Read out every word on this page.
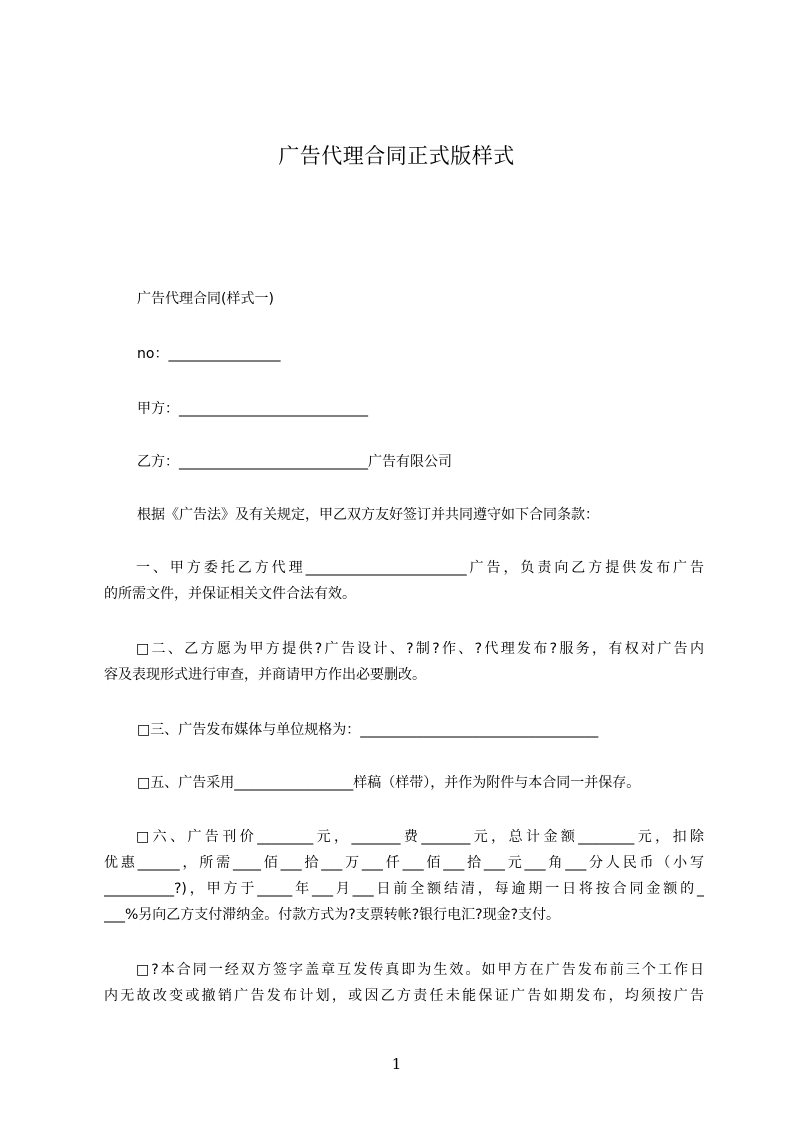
广告代理合同正式版样式

广告代理合同(样式一)

no：________________

甲方：___________________________

乙方：___________________________广告有限公司

根据《广告法》及有关规定，甲乙双方友好签订并共同遵守如下合同条款：

一、甲方委托乙方代理_______________________广告，负责向乙方提供发布广告
的所需文件，并保证相关文件合法有效。
□二、乙方愿为甲方提供?广告设计、?制?作、?代理发布?服务，有权对广告内
容及表现形式进行审查，并商请甲方作出必要删改。

□三、广告发布媒体与单位规格为：__________________________________

□五、广告采用_________________样稿（样带），并作为附件与本合同一并保存。

□六、广告刊价________元，_______费_______元，总计金额________元，扣除
优惠______，所需____佰___拾___万___仟___佰___拾___元___角___分人民币（小写
__________?)，甲方于_____年___月___日前全额结清，每逾期一日将按合同金额的_
___%另向乙方支付滞纳金。付款方式为?支票转帐?银行电汇?现金?支付。
□?本合同一经双方签字盖章互发传真即为生效。如甲方在广告发布前三个工作日
内无故改变或撤销广告发布计划，或因乙方责任未能保证广告如期发布，均须按广告
1
